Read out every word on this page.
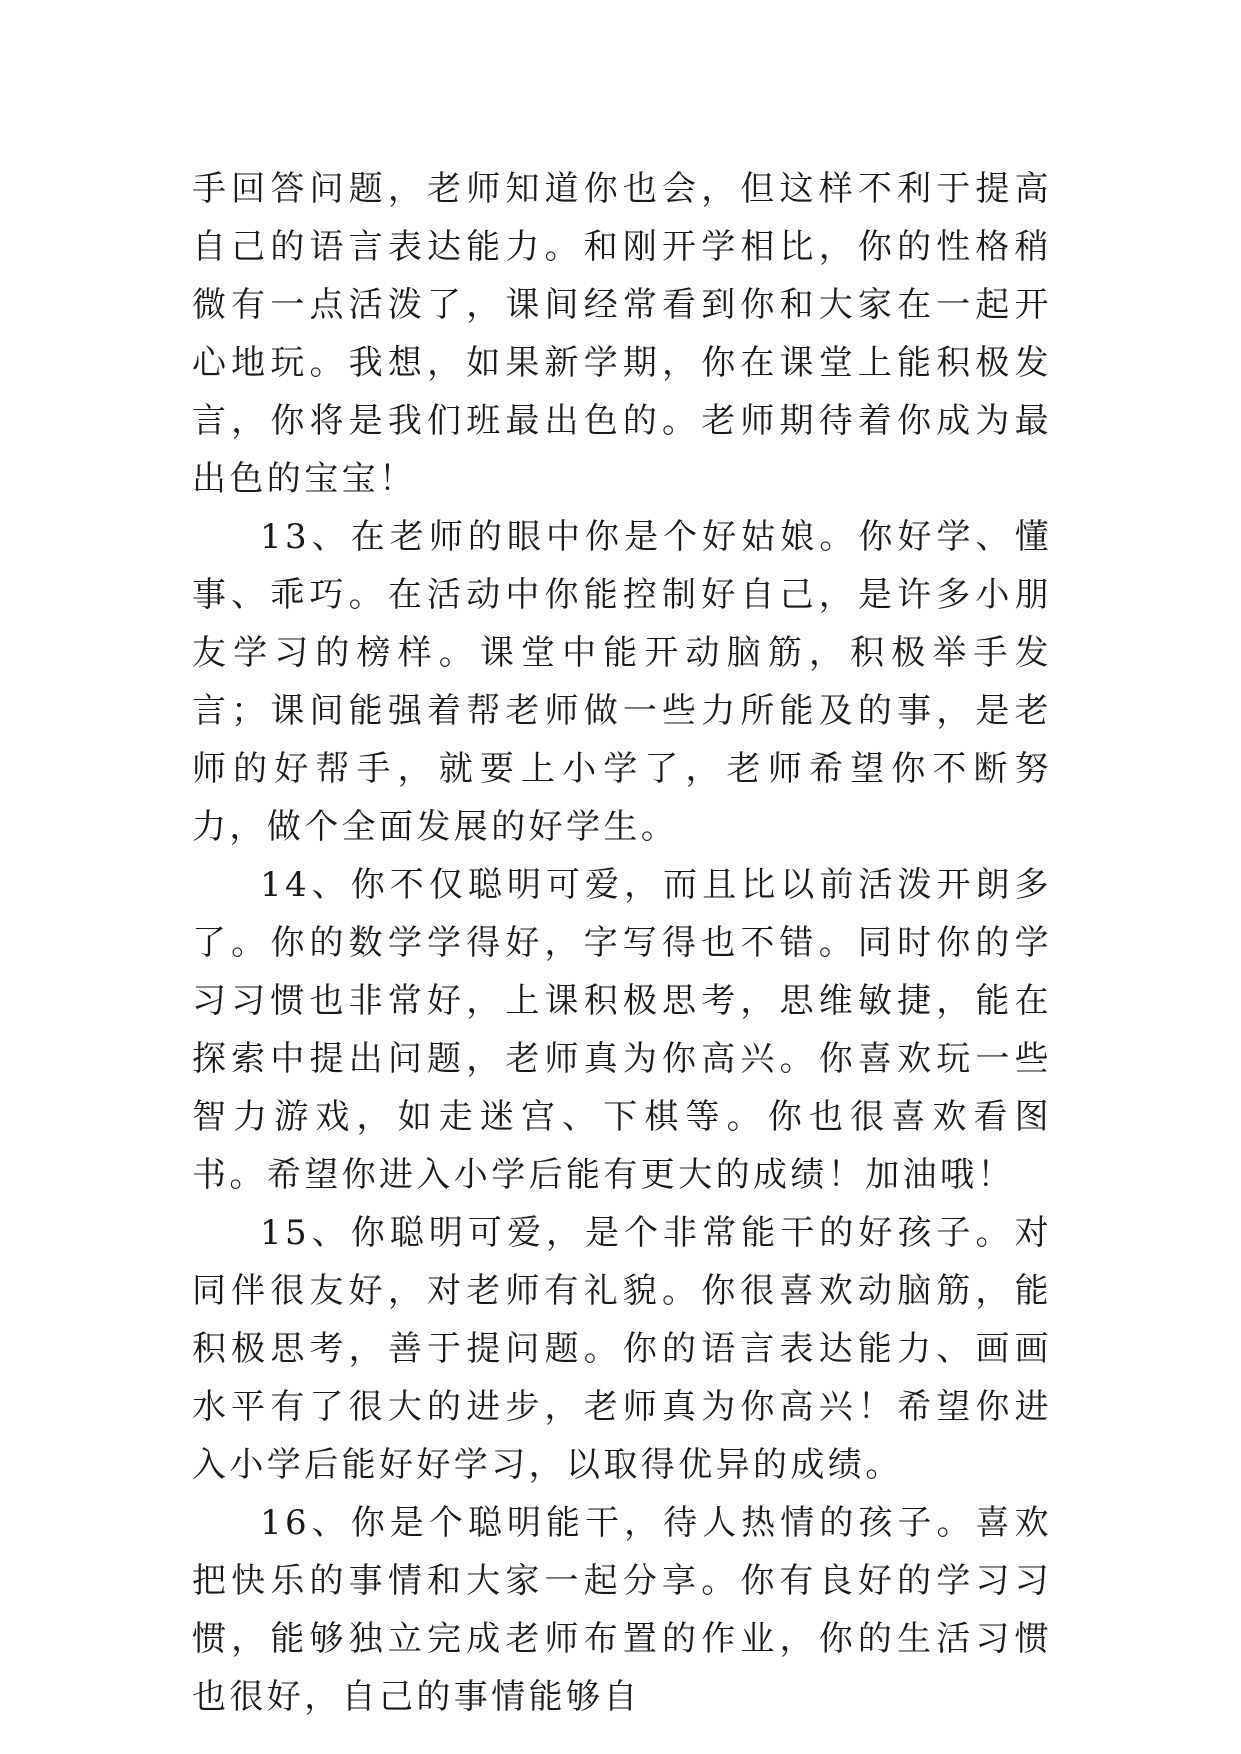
手回答问题，老师知道你也会，但这样不利于提高自己的语言表达能力。和刚开学相比，你的性格稍微有一点活泼了，课间经常看到你和大家在一起开心地玩。我想，如果新学期，你在课堂上能积极发言，你将是我们班最出色的。老师期待着你成为最出色的宝宝！

13、在老师的眼中你是个好姑娘。你好学、懂事、乖巧。在活动中你能控制好自己，是许多小朋友学习的榜样。课堂中能开动脑筋，积极举手发言；课间能强着帮老师做一些力所能及的事，是老师的好帮手，就要上小学了，老师希望你不断努力，做个全面发展的好学生。

14、你不仅聪明可爱，而且比以前活泼开朗多了。你的数学学得好，字写得也不错。同时你的学习习惯也非常好，上课积极思考，思维敏捷，能在探索中提出问题，老师真为你高兴。你喜欢玩一些智力游戏，如走迷宫、下棋等。你也很喜欢看图书。希望你进入小学后能有更大的成绩！加油哦！

15、你聪明可爱，是个非常能干的好孩子。对同伴很友好，对老师有礼貌。你很喜欢动脑筋，能积极思考，善于提问题。你的语言表达能力、画画水平有了很大的进步，老师真为你高兴！希望你进入小学后能好好学习，以取得优异的成绩。

16、你是个聪明能干，待人热情的孩子。喜欢把快乐的事情和大家一起分享。你有良好的学习习惯，能够独立完成老师布置的作业，你的生活习惯也很好，自己的事情能够自
